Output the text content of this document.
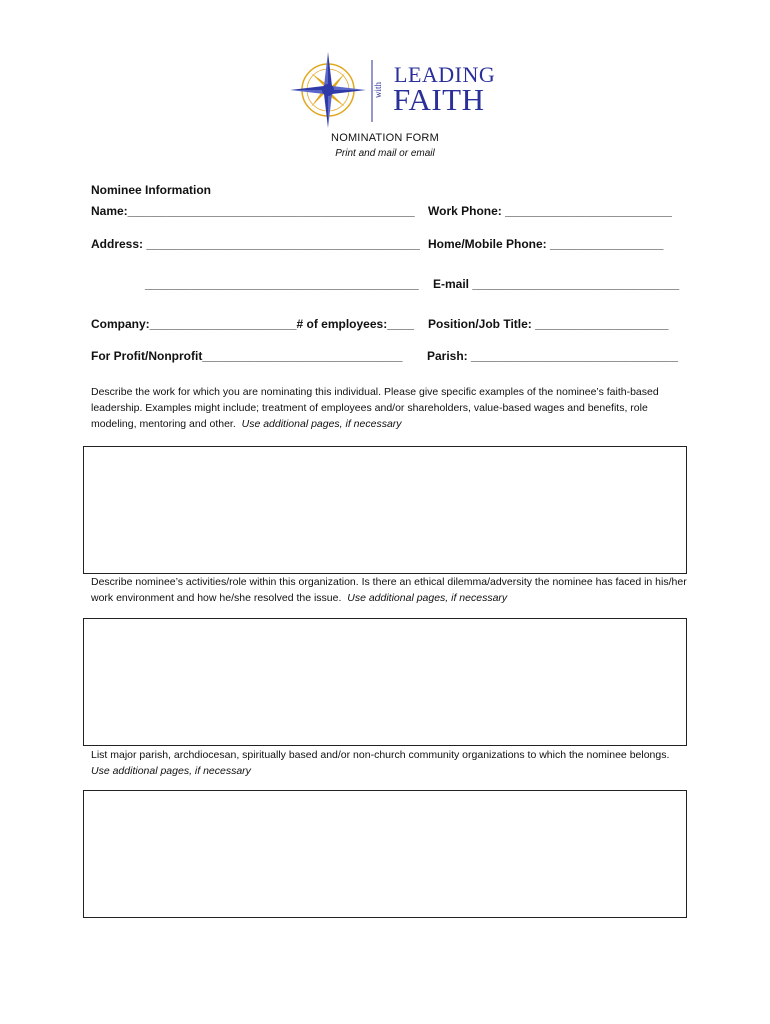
LEADING
with FAITH
NOMINATION FORM
Print and mail or email
Nominee Information
Name:___________________________________________ Work Phone: _________________________
Address: _________________________________________ Home/Mobile Phone: _________________
_________________________________________ E-mail _______________________________
Company:______________________# of employees:____ Position/Job Title: ____________________
For Profit/Nonprofit______________________________ Parish: _______________________________
Describe the work for which you are nominating this individual. Please give specific examples of the nominee’s faith-based leadership. Examples might include; treatment of employees and/or shareholders, value-based wages and benefits, role modeling, mentoring and other. Use additional pages, if necessary
Describe nominee’s activities/role within this organization. Is there an ethical dilemma/adversity the nominee has faced in his/her work environment and how he/she resolved the issue. Use additional pages, if necessary
List major parish, archdiocesan, spiritually based and/or non-church community organizations to which the nominee belongs.  Use additional pages, if necessary
